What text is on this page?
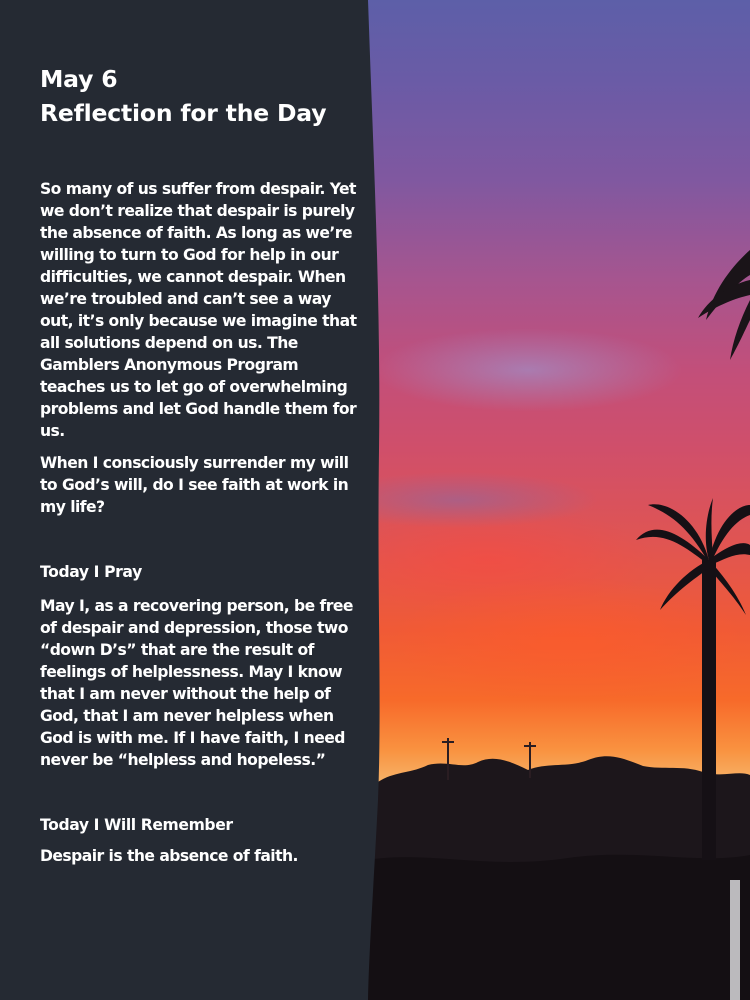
May 6
Reflection for the Day

So many of us suffer from despair. Yet we don’t realize that despair is purely the absence of faith. As long as we’re willing to turn to God for help in our difficulties, we cannot despair. When we’re troubled and can’t see a way out, it’s only because we imagine that all solutions depend on us. The Gamblers Anonymous Program teaches us to let go of overwhelming problems and let God handle them for us.

When I consciously surrender my will to God’s will, do I see faith at work in my life?

Today I Pray

May I, as a recovering person, be free of despair and depression, those two “down D’s” that are the result of feelings of helplessness. May I know that I am never without the help of God, that I am never helpless when God is with me. If I have faith, I need never be “helpless and hopeless.”

Today I Will Remember

Despair is the absence of faith.
